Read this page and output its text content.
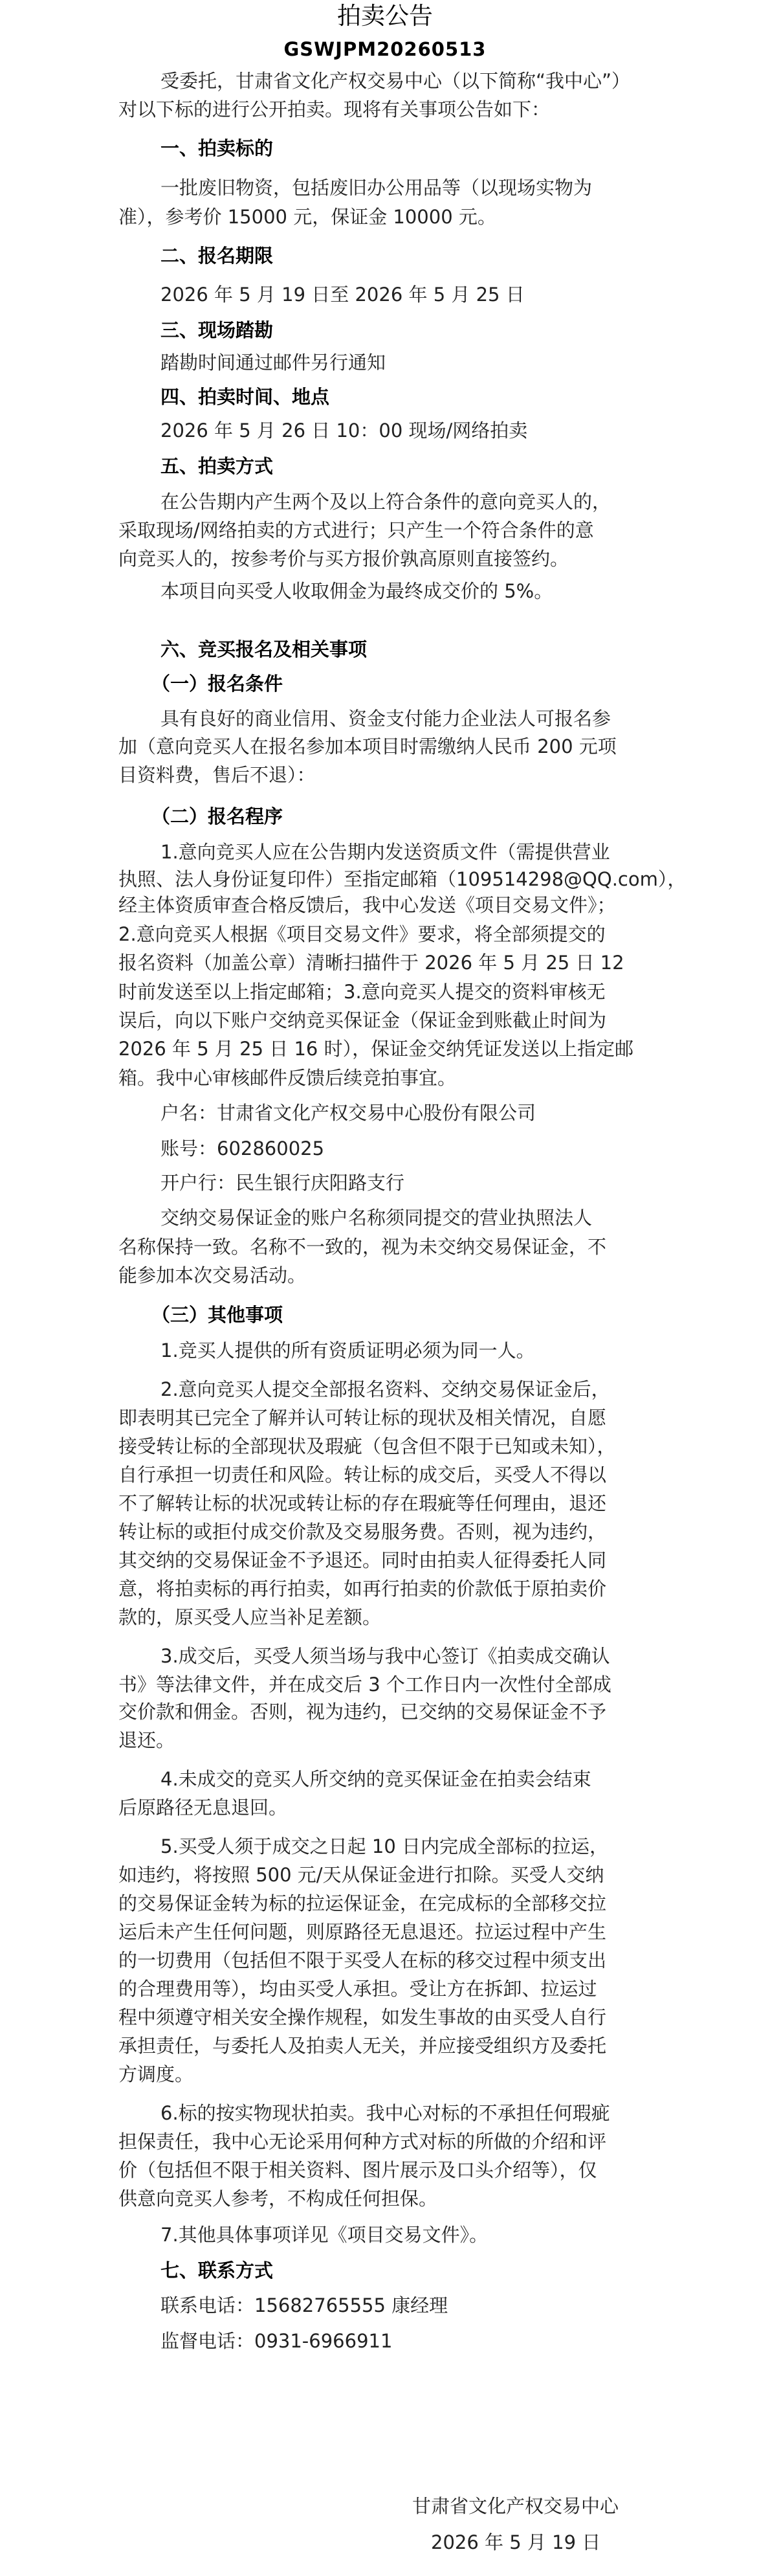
拍卖公告
GSWJPM20260513
受委托，甘肃省文化产权交易中心（以下简称“我中心”）
对以下标的进行公开拍卖。现将有关事项公告如下：
一、拍卖标的
一批废旧物资，包括废旧办公用品等（以现场实物为
准），参考价 15000 元，保证金 10000 元。
二、报名期限
2026 年 5 月 19 日至 2026 年 5 月 25 日
三、现场踏勘
踏勘时间通过邮件另行通知
四、拍卖时间、地点
2026 年 5 月 26 日 10：00 现场/网络拍卖
五、拍卖方式
在公告期内产生两个及以上符合条件的意向竞买人的，
采取现场/网络拍卖的方式进行；只产生一个符合条件的意
向竞买人的，按参考价与买方报价孰高原则直接签约。
本项目向买受人收取佣金为最终成交价的 5%。
六、竞买报名及相关事项
（一）报名条件
具有良好的商业信用、资金支付能力企业法人可报名参
加（意向竞买人在报名参加本项目时需缴纳人民币 200 元项
目资料费，售后不退）：
（二）报名程序
1.意向竞买人应在公告期内发送资质文件（需提供营业
执照、法人身份证复印件）至指定邮箱（109514298@QQ.com），
经主体资质审查合格反馈后，我中心发送《项目交易文件》；
2.意向竞买人根据《项目交易文件》要求，将全部须提交的
报名资料（加盖公章）清晰扫描件于 2026 年 5 月 25 日 12
时前发送至以上指定邮箱；3.意向竞买人提交的资料审核无
误后，向以下账户交纳竞买保证金（保证金到账截止时间为
2026 年 5 月 25 日 16 时），保证金交纳凭证发送以上指定邮
箱。我中心审核邮件反馈后续竞拍事宜。
户名：甘肃省文化产权交易中心股份有限公司
账号：602860025
开户行：民生银行庆阳路支行
交纳交易保证金的账户名称须同提交的营业执照法人
名称保持一致。名称不一致的，视为未交纳交易保证金，不
能参加本次交易活动。
（三）其他事项
1.竞买人提供的所有资质证明必须为同一人。
2.意向竞买人提交全部报名资料、交纳交易保证金后，
即表明其已完全了解并认可转让标的现状及相关情况，自愿
接受转让标的全部现状及瑕疵（包含但不限于已知或未知），
自行承担一切责任和风险。转让标的成交后，买受人不得以
不了解转让标的状况或转让标的存在瑕疵等任何理由，退还
转让标的或拒付成交价款及交易服务费。否则，视为违约，
其交纳的交易保证金不予退还。同时由拍卖人征得委托人同
意，将拍卖标的再行拍卖，如再行拍卖的价款低于原拍卖价
款的，原买受人应当补足差额。
3.成交后，买受人须当场与我中心签订《拍卖成交确认
书》等法律文件，并在成交后 3 个工作日内一次性付全部成
交价款和佣金。否则，视为违约，已交纳的交易保证金不予
退还。
4.未成交的竞买人所交纳的竞买保证金在拍卖会结束
后原路径无息退回。
5.买受人须于成交之日起 10 日内完成全部标的拉运，
如违约，将按照 500 元/天从保证金进行扣除。买受人交纳
的交易保证金转为标的拉运保证金，在完成标的全部移交拉
运后未产生任何问题，则原路径无息退还。拉运过程中产生
的一切费用（包括但不限于买受人在标的移交过程中须支出
的合理费用等），均由买受人承担。受让方在拆卸、拉运过
程中须遵守相关安全操作规程，如发生事故的由买受人自行
承担责任，与委托人及拍卖人无关，并应接受组织方及委托
方调度。
6.标的按实物现状拍卖。我中心对标的不承担任何瑕疵
担保责任，我中心无论采用何种方式对标的所做的介绍和评
价（包括但不限于相关资料、图片展示及口头介绍等），仅
供意向竞买人参考，不构成任何担保。
7.其他具体事项详见《项目交易文件》。
七、联系方式
联系电话：15682765555 康经理
监督电话：0931-6966911
甘肃省文化产权交易中心
2026 年 5 月 19 日
